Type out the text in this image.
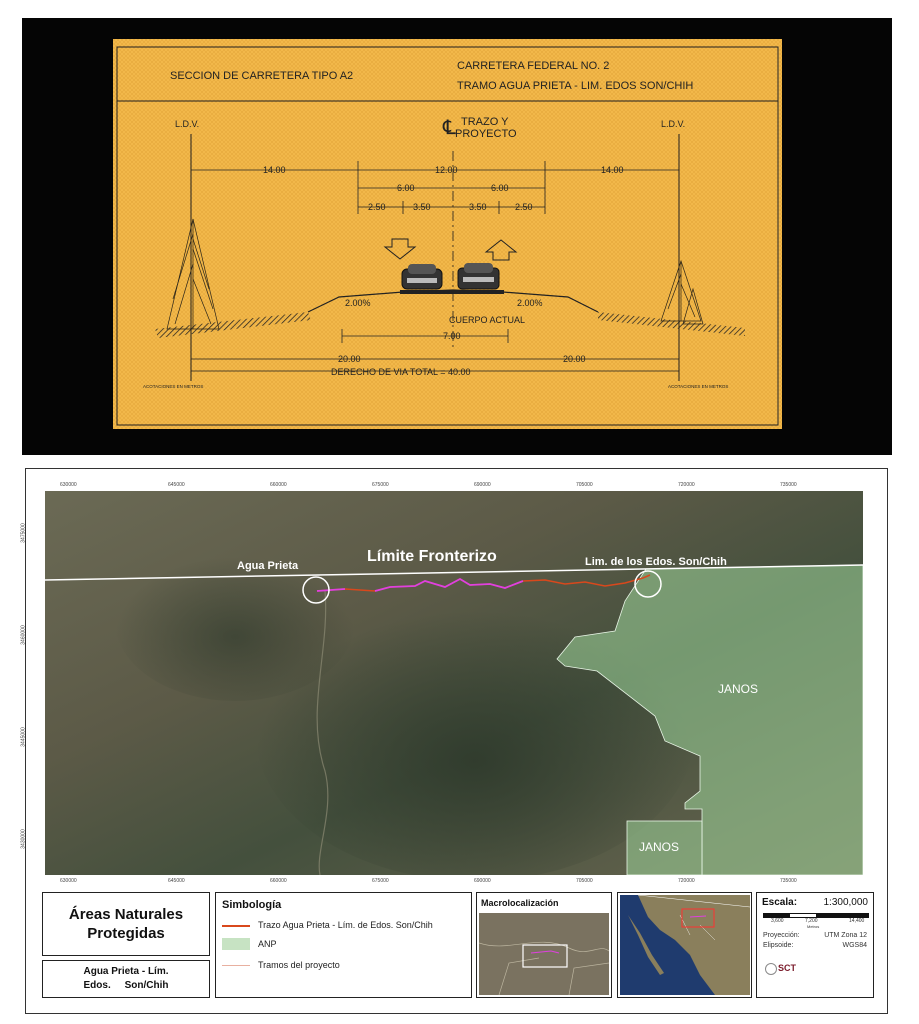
SECCION DE CARRETERA TIPO A2
CARRETERA FEDERAL NO. 2
TRAMO AGUA PRIETA - LIM. EDOS SON/CHIH
℄ TRAZO Y
PROYECTO
L.D.V.	L.D.V.
14.00	12.00	14.00
6.00	6.00
2.50	3.50	3.50	2.50
7.00
20.00	20.00
DERECHO DE VIA TOTAL = 40.00
2.00%	2.00%
CUERPO ACTUAL
ACOTACIONES EN METROS	ACOTACIONES EN METROS
630000	645000	660000	675000	690000	705000	720000	735000
630000	645000	660000	675000	690000	705000	720000	735000
3475000
3460000
3445000
3430000
Límite Fronterizo
Agua Prieta	Lim. de los Edos. Son/Chih
JANOS
JANOS
Áreas Naturales
Protegidas
Agua Prieta - Lím.
Edos.     Son/Chih
Simbología
Trazo Agua Prieta - Lím. de Edos. Son/Chih
ANP
Tramos del proyecto
Macrolocalización	Escala:	1:300,000
3,600	7,200	14,400
Metros
Proyección:	UTM Zona 12
Elipsoide:	WGS84
SCT
